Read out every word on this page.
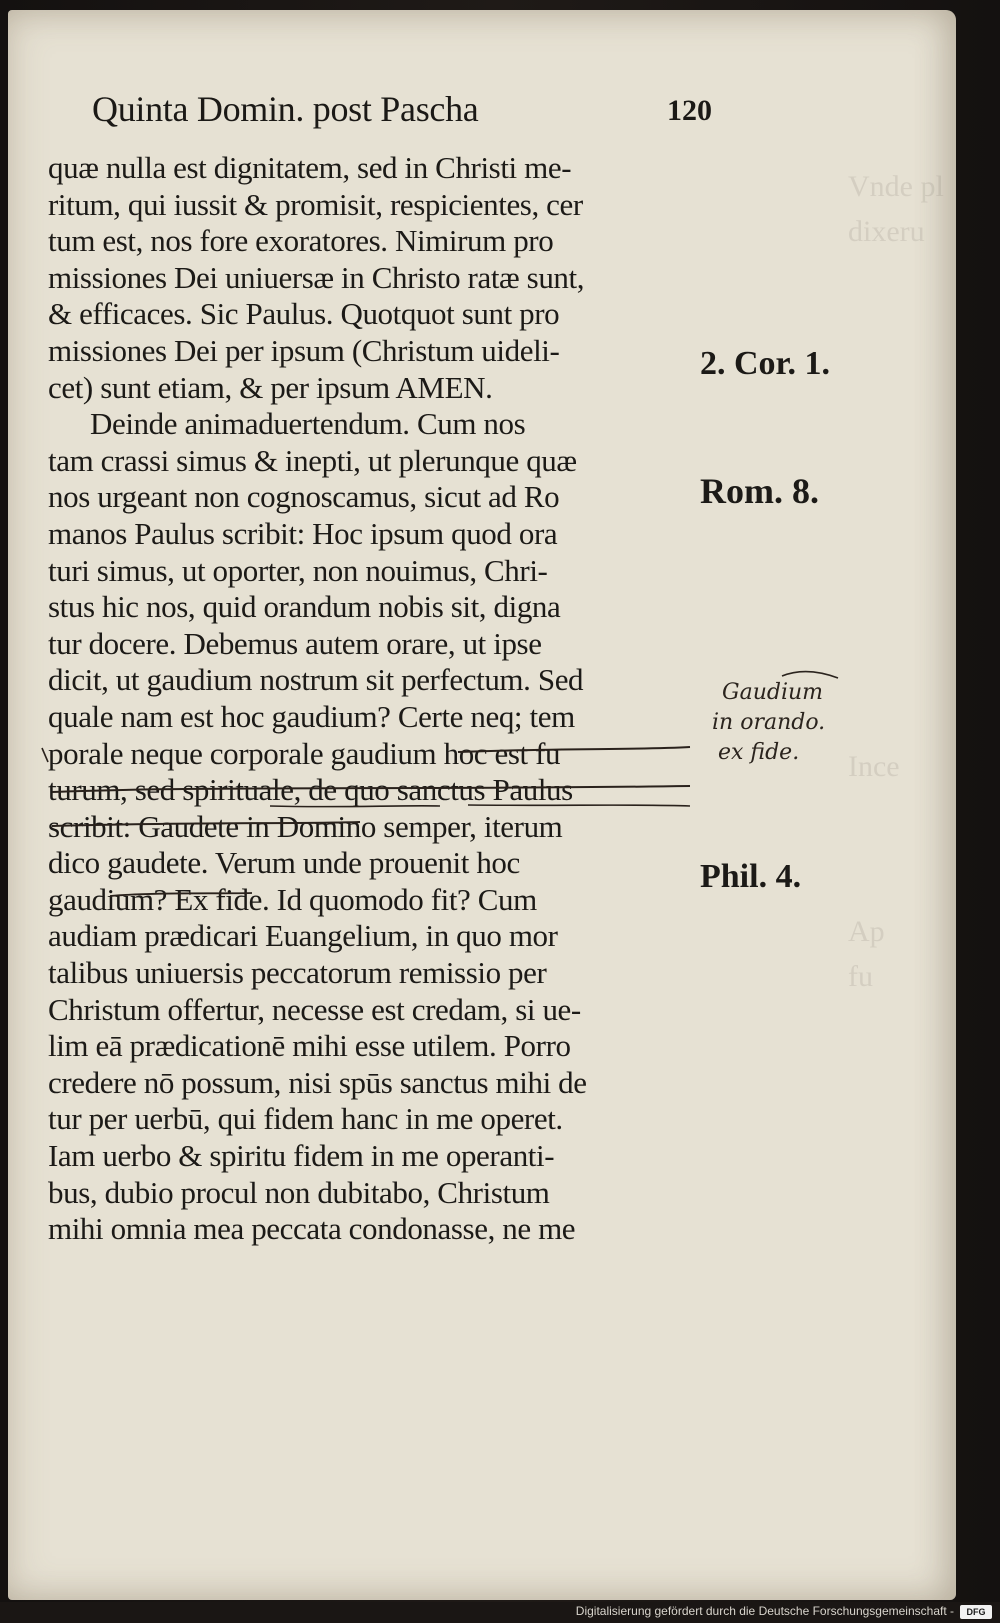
Vnde pl
dixeru
Ince
Ap
fu
Quinta Domin. post Pascha	120
quæ nulla est dignitatem, sed in Christi me-
ritum, qui iussit & promisit, respicientes, cer
tum est, nos fore exoratores. Nimirum pro
missiones Dei uniuersæ in Christo ratæ sunt,
& efficaces. Sic Paulus. Quotquot sunt pro
missiones Dei per ipsum (Christum uideli-
cet) sunt etiam, & per ipsum AMEN.
Deinde animaduertendum. Cum nos
tam crassi simus & inepti, ut plerunque quæ
nos urgeant non cognoscamus, sicut ad Ro
manos Paulus scribit: Hoc ipsum quod ora
turi simus, ut oporter, non nouimus, Chri-
stus hic nos, quid orandum nobis sit, digna
tur docere. Debemus autem orare, ut ipse
dicit, ut gaudium nostrum sit perfectum. Sed
quale nam est hoc gaudium? Certe neq; tem
porale neque corporale gaudium hoc est fu
turum, sed spirituale, de quo sanctus Paulus
scribit: Gaudete in Domino semper, iterum
dico gaudete. Verum unde prouenit hoc
gaudium? Ex fide. Id quomodo fit? Cum
audiam prædicari Euangelium, in quo mor
talibus uniuersis peccatorum remissio per
Christum offertur, necesse est credam, si ue-
lim eā prædicationē mihi esse utilem. Porro
credere nō possum, nisi spūs sanctus mihi de
tur per uerbū, qui fidem hanc in me operet.
Iam uerbo & spiritu fidem in me operanti-
bus, dubio procul non dubitabo, Christum
mihi omnia mea peccata condonasse, ne me
2. Cor. 1.
Rom. 8.
Phil. 4.
Gaudium
in orando.
ex fide.
Digitalisierung gefördert durch die Deutsche Forschungsgemeinschaft -	DFG
